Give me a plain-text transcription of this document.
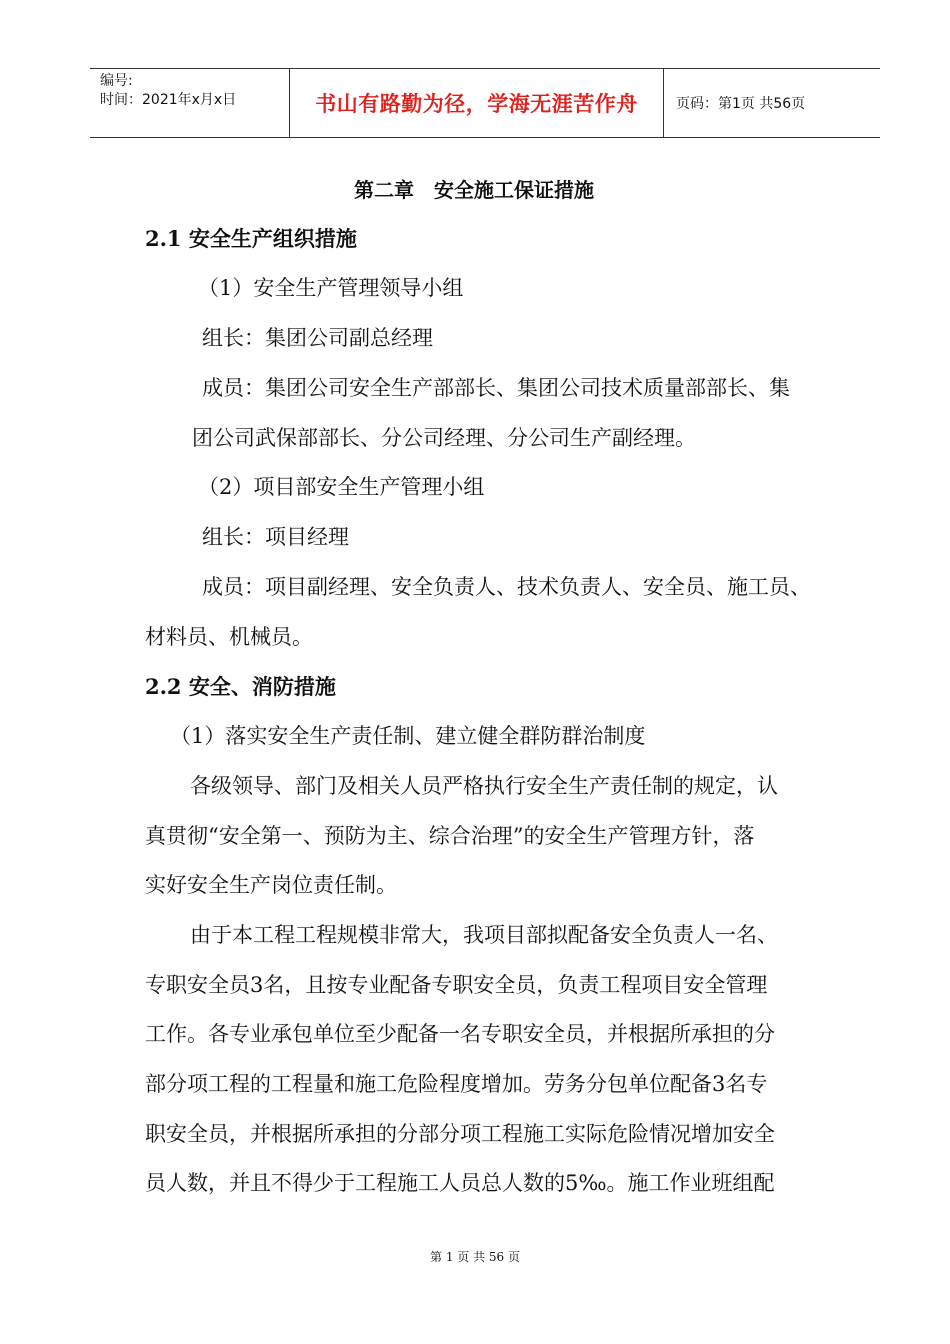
编号:
时间：2021年x月x日	书山有路勤为径，学海无涯苦作舟	页码：第1页 共56页
第二章　安全施工保证措施
2.1 安全生产组织措施
（1）安全生产管理领导小组
组长：集团公司副总经理
成员：集团公司安全生产部部长、集团公司技术质量部部长、集
团公司武保部部长、分公司经理、分公司生产副经理。
（2）项目部安全生产管理小组
组长：项目经理
成员：项目副经理、安全负责人、技术负责人、安全员、施工员、
材料员、机械员。
2.2 安全、消防措施
（1）落实安全生产责任制、建立健全群防群治制度
各级领导、部门及相关人员严格执行安全生产责任制的规定，认
真贯彻“安全第一、预防为主、综合治理”的安全生产管理方针，落
实好安全生产岗位责任制。
由于本工程工程规模非常大，我项目部拟配备安全负责人一名、
专职安全员3名，且按专业配备专职安全员，负责工程项目安全管理
工作。各专业承包单位至少配备一名专职安全员，并根据所承担的分
部分项工程的工程量和施工危险程度增加。劳务分包单位配备3名专
职安全员，并根据所承担的分部分项工程施工实际危险情况增加安全
员人数，并且不得少于工程施工人员总人数的5‰。施工作业班组配
第 1 页 共 56 页
